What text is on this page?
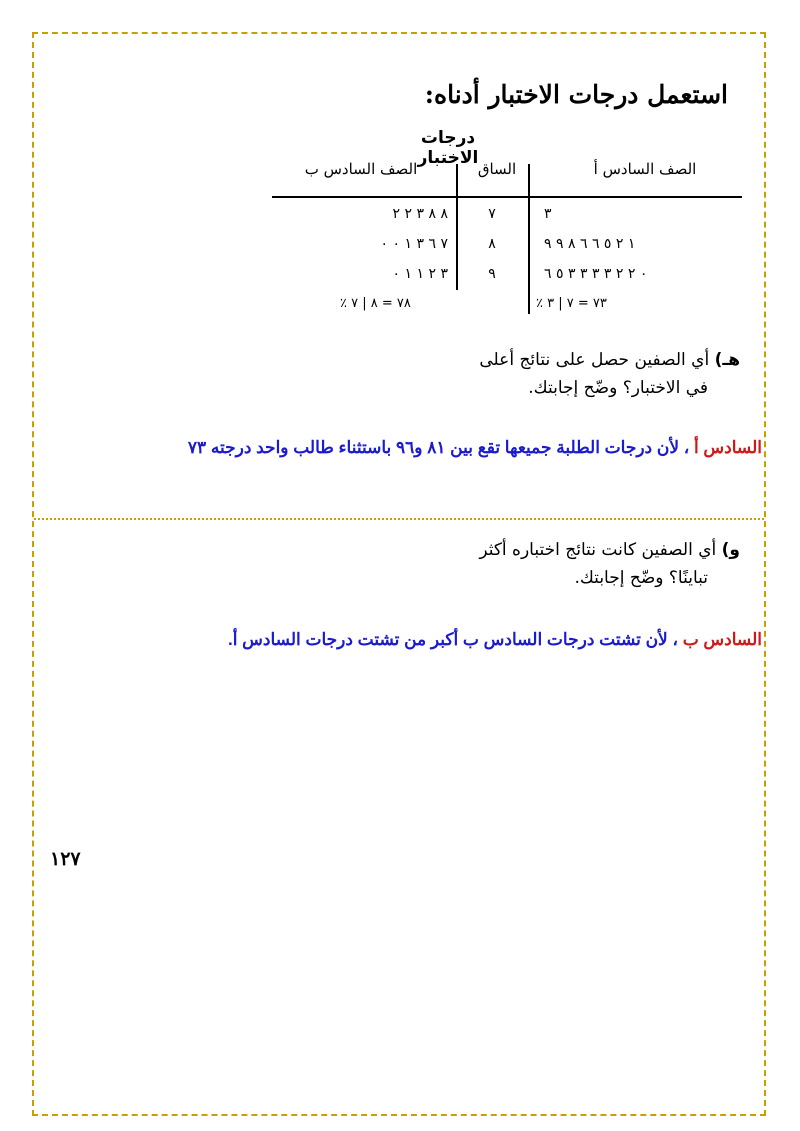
استعمل درجات الاختبار أدناه:
درجات الاختبار
الصف السادس ب	الساق	الصف السادس أ
٨ ٨ ٣ ٢ ٢	٧	٣
٧ ٦ ٣ ١ ٠ ٠	٨	١ ٢ ٥ ٦ ٦ ٨ ٩ ٩
٣ ٢ ١ ١ ٠	٩	٠ ٢ ٢ ٣ ٣ ٣ ٣ ٥ ٦
٪ ٧٨ = ٨ | ٧	٪ ٧٣ = ٧ | ٣
هـ) أي الصفين حصل على نتائج أعلى
في الاختبار؟ وضّح إجابتك.
السادس أ ، لأن درجات الطلبة جميعها تقع بين ٨١ و٩٦ باستثناء طالب واحد درجته ٧٣
و) أي الصفين كانت نتائج اختباره أكثر
تباينًا؟ وضّح إجابتك.
السادس ب ، لأن تشتت درجات السادس ب أكبر من تشتت درجات السادس أ.
١٢٧
